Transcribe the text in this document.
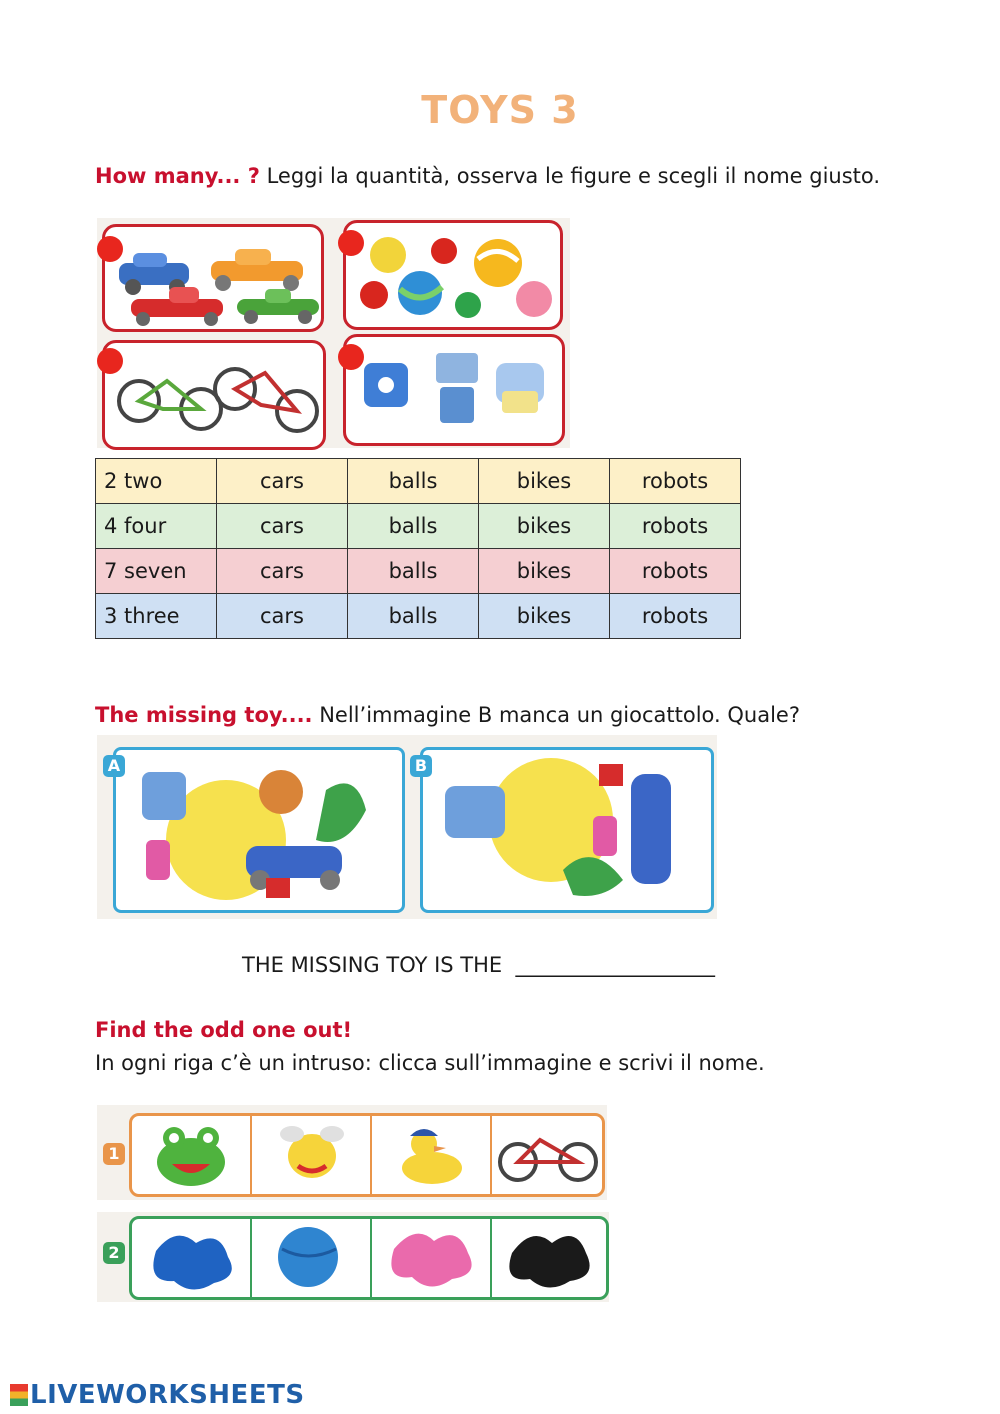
TOYS 3
How many... ? Leggi la quantità, osserva le figure e scegli il nome giusto.
2 two	cars	balls	bikes	robots
4 four	cars	balls	bikes	robots
7 seven	cars	balls	bikes	robots
3 three	cars	balls	bikes	robots
The missing toy.... Nell’immagine B manca un giocattolo. Quale?
A	B
THE MISSING TOY IS THE ___________________
Find the odd one out!
In ogni riga c’è un intruso: clicca sull’immagine e scrivi il nome.
1
2
LIVEWORKSHEETS
